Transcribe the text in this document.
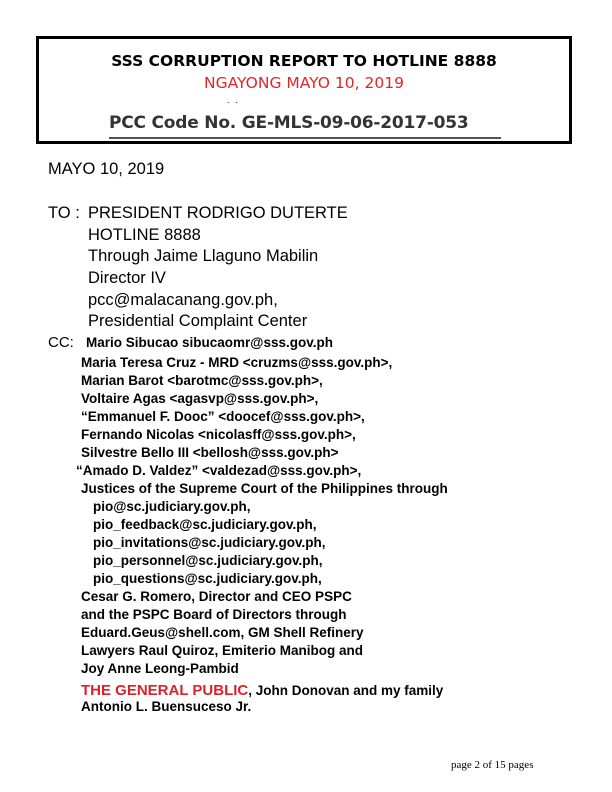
SSS CORRUPTION REPORT TO HOTLINE 8888
NGAYONG MAYO 10, 2019
..
PCC Code No. GE-MLS-09-06-2017-053
MAYO 10, 2019
TO : PRESIDENT RODRIGO DUTERTE
HOTLINE 8888
Through Jaime Llaguno Mabilin
Director IV
pcc@malacanang.gov.ph,
Presidential Complaint Center
CC: Mario Sibucao sibucaomr@sss.gov.ph
Maria Teresa Cruz - MRD <cruzms@sss.gov.ph>,
Marian Barot <barotmc@sss.gov.ph>,
Voltaire Agas <agasvp@sss.gov.ph>,
“Emmanuel F. Dooc” <doocef@sss.gov.ph>,
Fernando Nicolas <nicolasff@sss.gov.ph>,
Silvestre Bello III <bellosh@sss.gov.ph>
“Amado D. Valdez” <valdezad@sss.gov.ph>,
Justices of the Supreme Court of the Philippines through
pio@sc.judiciary.gov.ph,
pio_feedback@sc.judiciary.gov.ph,
pio_invitations@sc.judiciary.gov.ph,
pio_personnel@sc.judiciary.gov.ph,
pio_questions@sc.judiciary.gov.ph,
Cesar G. Romero, Director and CEO PSPC
and the PSPC Board of Directors through
Eduard.Geus@shell.com, GM Shell Refinery
Lawyers Raul Quiroz, Emiterio Manibog and
Joy Anne Leong-Pambid
THE GENERAL PUBLIC, John Donovan and my family
Antonio L. Buensuceso Jr.
page 2 of 15 pages
